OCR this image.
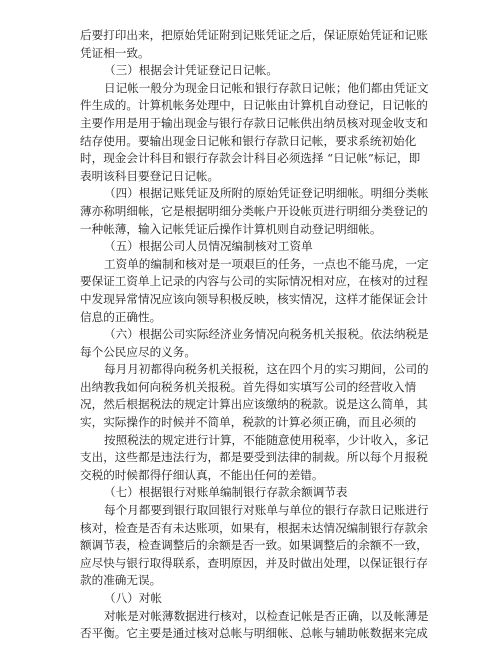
后要打印出来，把原始凭证附到记账凭证之后，保证原始凭证和记账
凭证相一致。
（三）根据会计凭证登记日记帐。
日记帐一般分为现金日记帐和银行存款日记帐；他们都由凭证文
件生成的。计算机帐务处理中，日记帐由计算机自动登记，日记帐的
主要作用是用于输出现金与银行存款日记帐供出纳员核对现金收支和
结存使用。要输出现金日记帐和银行存款日记帐，要求系统初始化
时，现金会计科目和银行存款会计科目必须选择 “日记帐”标记，即
表明该科目要登记日记帐。
（四）根据记账凭证及所附的原始凭证登记明细帐。明细分类帐
薄亦称明细帐，它是根据明细分类帐户开设帐页进行明细分类登记的
一种帐薄，输入记帐凭证后操作计算机则自动登记明细帐。
（五）根据公司人员情况编制核对工资单
工资单的编制和核对是一项艰巨的任务，一点也不能马虎，一定
要保证工资单上记录的内容与公司的实际情况相对应，在核对的过程
中发现异常情况应该向领导积极反映，核实情况，这样才能保证会计
信息的正确性。
（六）根据公司实际经济业务情况向税务机关报税。依法纳税是
每个公民应尽的义务。
每月月初都得向税务机关报税，这在四个月的实习期间，公司的
出纳教我如何向税务机关报税。首先得如实填写公司的经营收入情
况，然后根据税法的规定计算出应该缴纳的税款。说是这么简单，其
实，实际操作的时候并不简单，税款的计算必须正确，而且必须的
按照税法的规定进行计算，不能随意使用税率，少计收入，多记
支出，这些都是违法行为，都是要受到法律的制裁。所以每个月报税
交税的时候都得仔细认真，不能出任何的差错。
（七）根据银行对账单编制银行存款余额调节表
每个月都要到银行取回银行对账单与单位的银行存款日记账进行
核对，检查是否有未达账项，如果有，根据未达情况编制银行存款余
额调节表，检查调整后的余额是否一致。如果调整后的余额不一致，
应尽快与银行取得联系，查明原因，并及时做出处理，以保证银行存
款的准确无误。
（八）对帐
对帐是对帐薄数据进行核对，以检查记帐是否正确，以及帐薄是
否平衡。它主要是通过核对总帐与明细帐、总帐与辅助帐数据来完成
